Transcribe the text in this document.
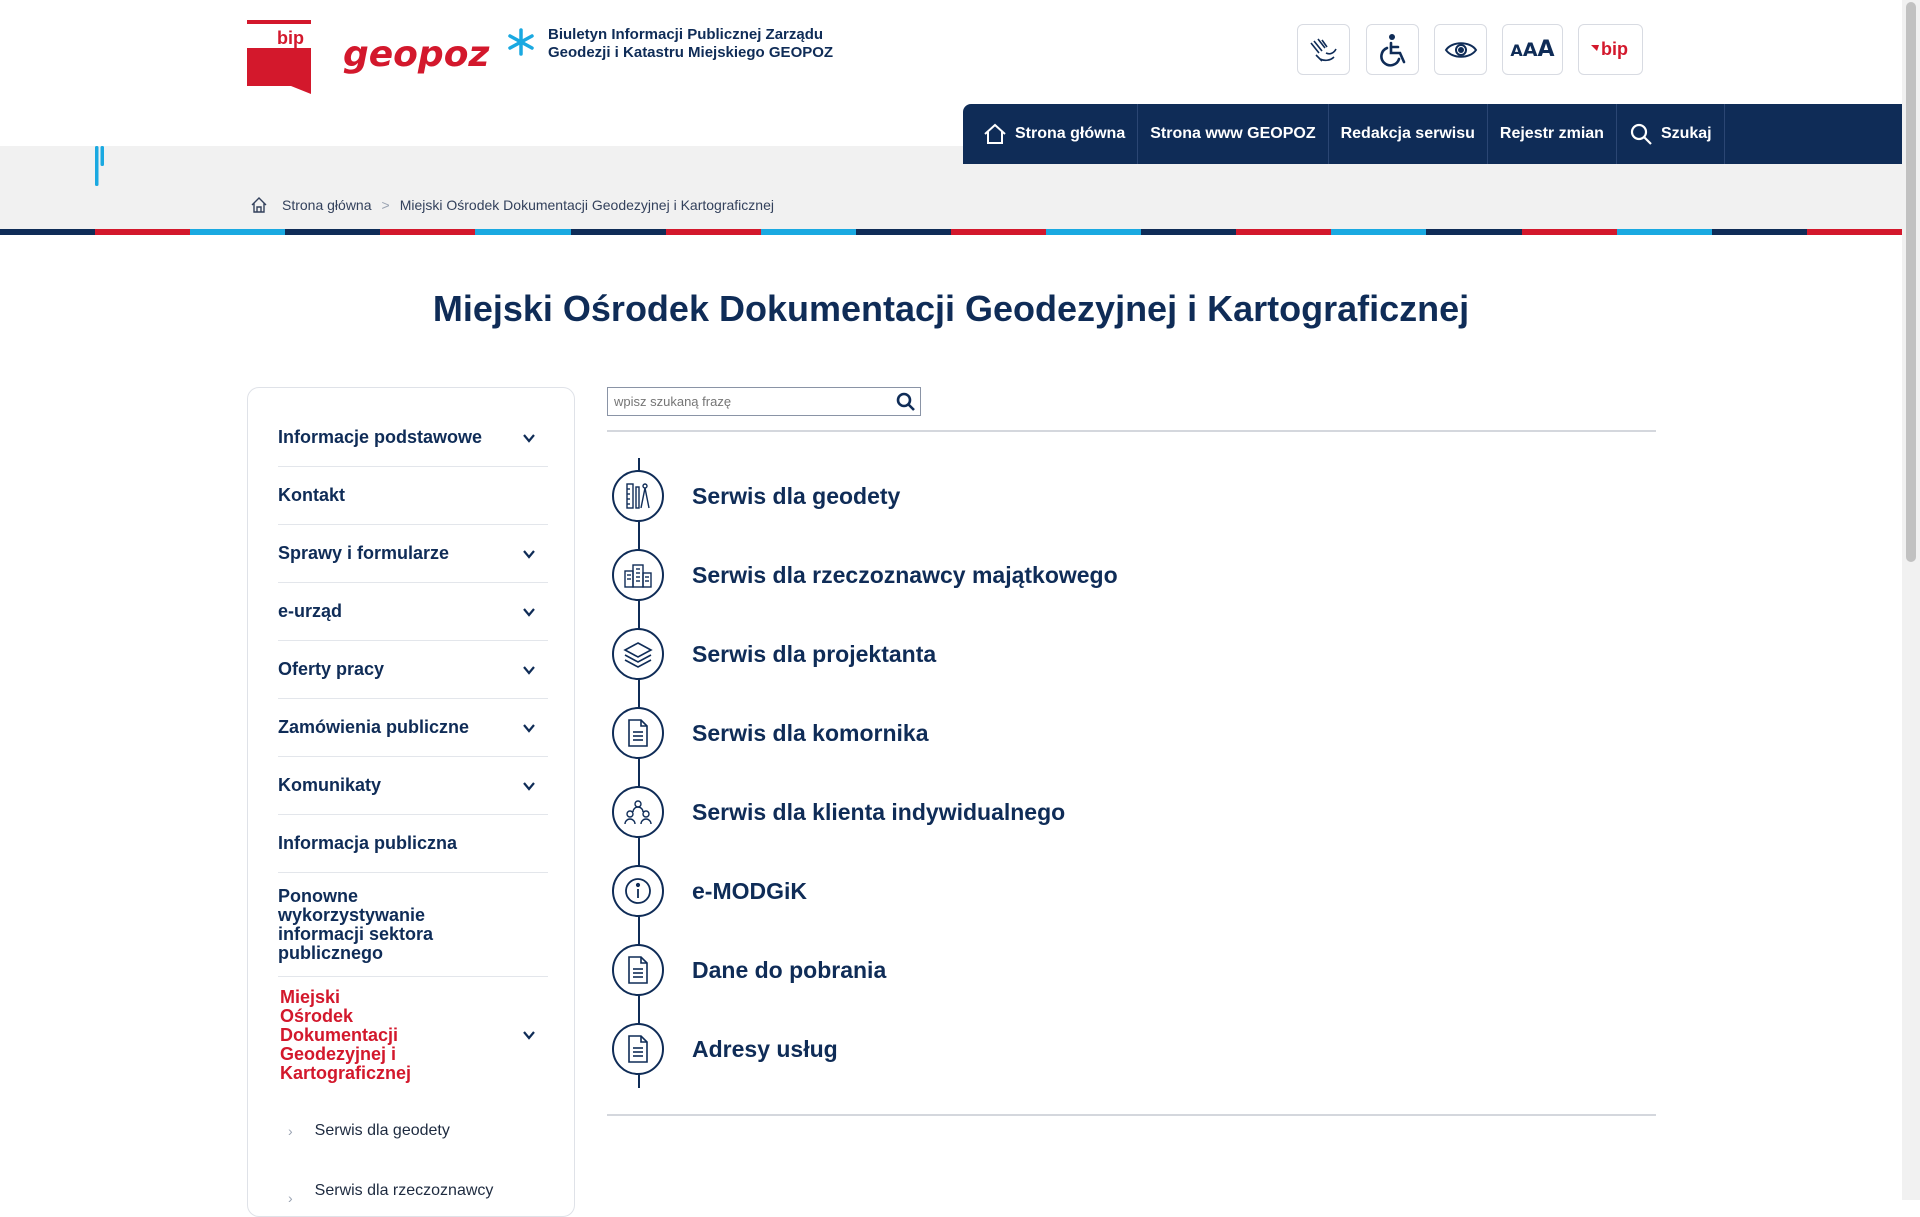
bip geopoz	Biuletyn Informacji Publicznej Zarządu
Geodezji i Katastru Miejskiego GEOPOZ	AAA	bip
Strona główna Strona www GEOPOZ Redakcja serwisu Rejestr zmian	Szukaj
Strona główna > Miejski Ośrodek Dokumentacji Geodezyjnej i Kartograficznej
Miejski Ośrodek Dokumentacji Geodezyjnej i Kartograficznej
Informacje podstawowe
Kontakt
Sprawy i formularze
e-urząd
Oferty pracy
Zamówienia publiczne
Komunikaty
Informacja publiczna
Ponowne wykorzystywanie informacji sektora publicznego
Miejski Ośrodek Dokumentacji Geodezyjnej i Kartograficznej
› Serwis dla geodety
› Serwis dla rzeczoznawcy
wpisz szukaną frazę
Serwis dla geodety
Serwis dla rzeczoznawcy majątkowego
Serwis dla projektanta
Serwis dla komornika
Serwis dla klienta indywidualnego
e-MODGiK
Dane do pobrania
Adresy usług
